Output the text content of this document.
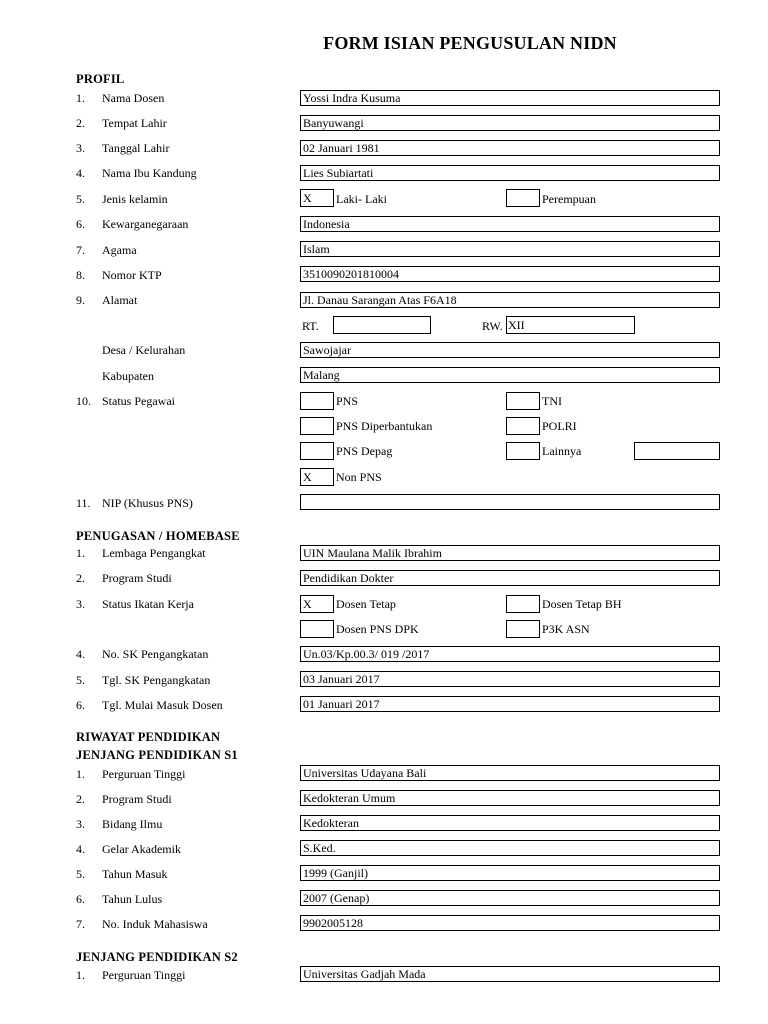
FORM ISIAN PENGUSULAN NIDN
PROFIL
1. Nama Dosen	Yossi Indra Kusuma
2. Tempat Lahir	Banyuwangi
3. Tanggal Lahir	02 Januari 1981
4. Nama Ibu Kandung	Lies Subiartati
5. Jenis kelamin	X	Laki- Laki	Perempuan
6. Kewarganegaraan	Indonesia
7. Agama	Islam
8. Nomor KTP	3510090201810004
9. Alamat	Jl. Danau Sarangan Atas F6A18
RT.	RW. XII
Desa / Kelurahan	Sawojajar
Kabupaten	Malang
10. Status Pegawai	PNS	TNI
PNS Diperbantukan	POLRI
PNS Depag	Lainnya
X	Non PNS
11. NIP (Khusus PNS)
PENUGASAN / HOMEBASE
1. Lembaga Pengangkat	UIN Maulana Malik Ibrahim
2. Program Studi	Pendidikan Dokter
3. Status Ikatan Kerja	X	Dosen Tetap	Dosen Tetap BH
Dosen PNS DPK	P3K ASN
4. No. SK Pengangkatan	Un.03/Kp.00.3/ 019 /2017
5. Tgl. SK Pengangkatan	03 Januari 2017
6. Tgl. Mulai Masuk Dosen	01 Januari 2017
RIWAYAT PENDIDIKAN
JENJANG PENDIDIKAN S1
1. Perguruan Tinggi	Universitas Udayana Bali
2. Program Studi	Kedokteran Umum
3. Bidang Ilmu	Kedokteran
4. Gelar Akademik	S.Ked.
5. Tahun Masuk	1999 (Ganjil)
6. Tahun Lulus	2007 (Genap)
7. No. Induk Mahasiswa	9902005128
JENJANG PENDIDIKAN S2
1. Perguruan Tinggi	Universitas Gadjah Mada
